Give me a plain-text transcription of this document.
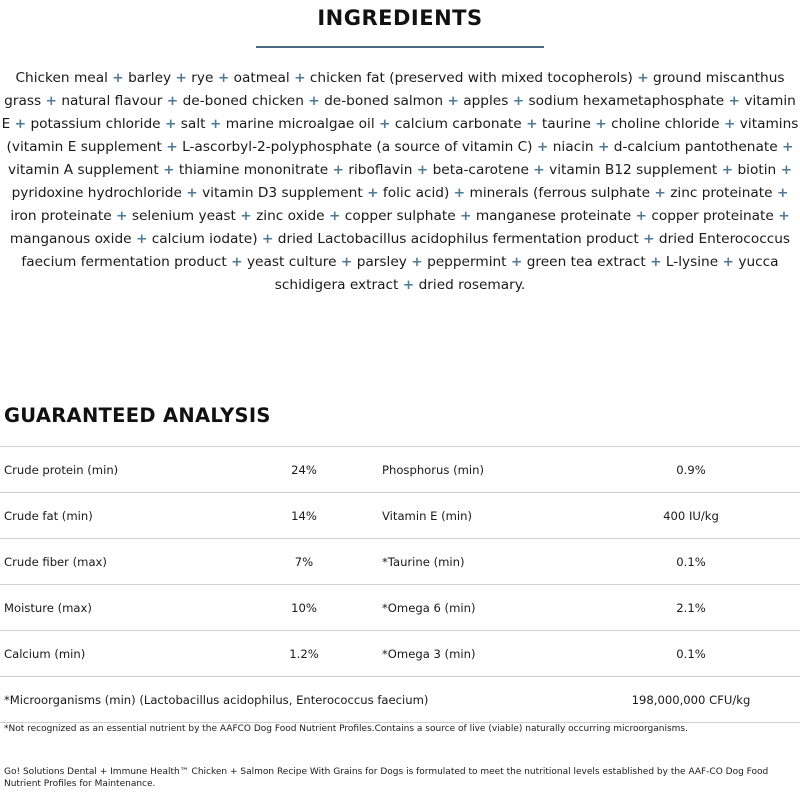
INGREDIENTS
Chicken meal + barley + rye + oatmeal + chicken fat (preserved with mixed tocopherols) + ground miscanthus grass + natural flavour + de-boned chicken + de-boned salmon + apples + sodium hexametaphosphate + vitamin E + potassium chloride + salt + marine microalgae oil + calcium carbonate + taurine + choline chloride + vitamins (vitamin E supplement + L-ascorbyl-2-polyphosphate (a source of vitamin C) + niacin + d-calcium pantothenate + vitamin A supplement + thiamine mononitrate + riboflavin + beta-carotene + vitamin B12 supplement + biotin + pyridoxine hydrochloride + vitamin D3 supplement + folic acid) + minerals (ferrous sulphate + zinc proteinate + iron proteinate + selenium yeast + zinc oxide + copper sulphate + manganese proteinate + copper proteinate + manganous oxide + calcium iodate) + dried Lactobacillus acidophilus fermentation product + dried Enterococcus faecium fermentation product + yeast culture + parsley + peppermint + green tea extract + L-lysine + yucca schidigera extract + dried rosemary.
GUARANTEED ANALYSIS
Crude protein (min)	24%	Phosphorus (min)	0.9%
Crude fat (min)	14%	Vitamin E (min)	400 IU/kg
Crude fiber (max)	7%	*Taurine (min)	0.1%
Moisture (max)	10%	*Omega 6 (min)	2.1%
Calcium (min)	1.2%	*Omega 3 (min)	0.1%
*Microorganisms (min) (Lactobacillus acidophilus, Enterococcus faecium)			198,000,000 CFU/kg
*Not recognized as an essential nutrient by the AAFCO Dog Food Nutrient Profiles.Contains a source of live (viable) naturally occurring microorganisms.
Go! Solutions Dental + Immune Health™ Chicken + Salmon Recipe With Grains for Dogs is formulated to meet the nutritional levels established by the AAF-CO Dog Food Nutrient Profiles for Maintenance.
